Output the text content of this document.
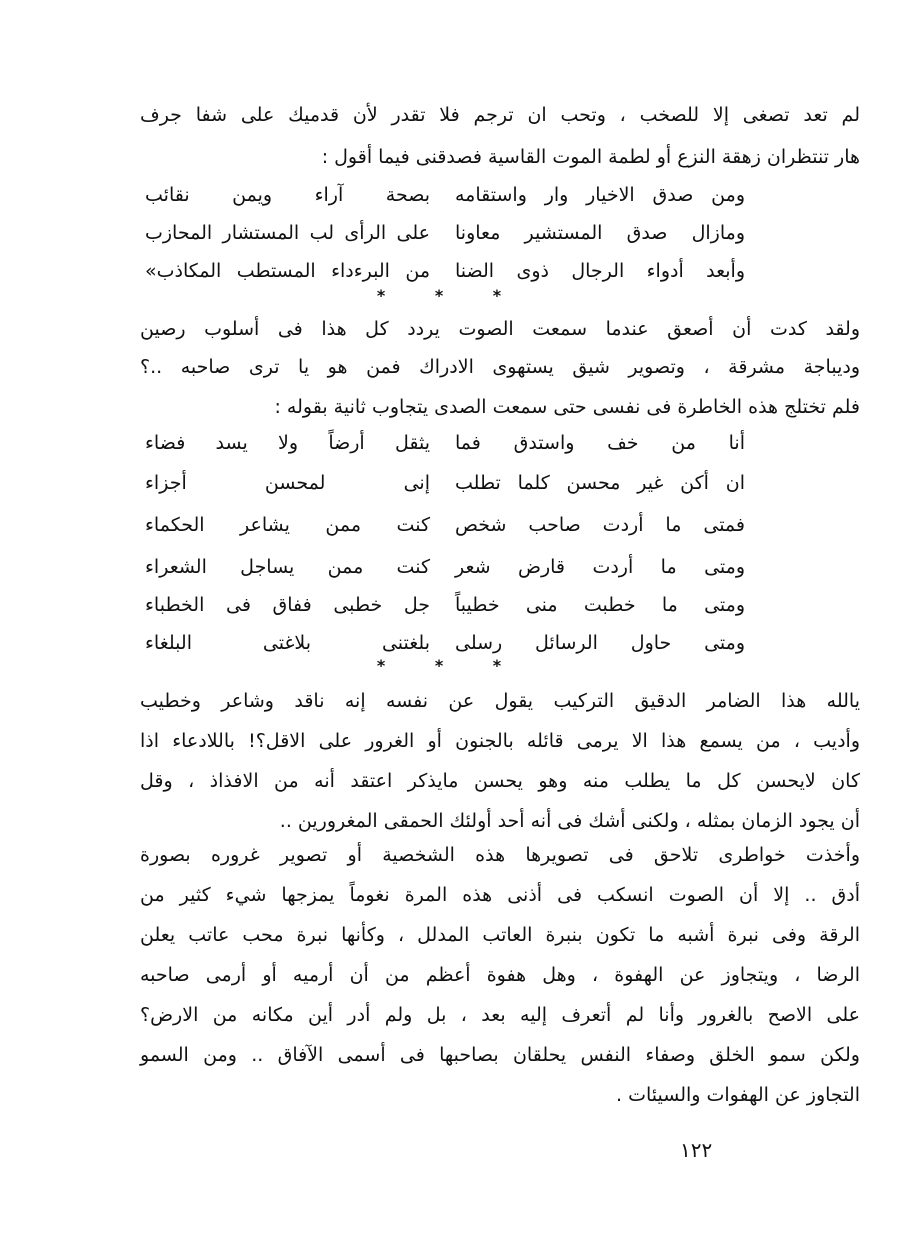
لم تعد تصغى إلا للصخب ، وتحب ان ترجم فلا تقدر لأن قدميك على شفا جرف
هار تنتظران زهقة النزع أو لطمة الموت القاسية فصدقنى فيما أقول :
ومن صدق الاخيار وار واستقامه
بصحة آراء ويمن نقائب
ومازال صدق المستشير معاونا
على الرأى لب المستشار المحازب
وأبعد أدواء الرجال ذوى الضنا
من البرءداء المستطب المكاذب»
* * *
ولقد كدت أن أصعق عندما سمعت الصوت يردد كل هذا فى أسلوب رصين
وديباجة مشرقة ، وتصوير شيق يستهوى الادراك فمن هو يا ترى صاحبه ..؟
فلم تختلج هذه الخاطرة فى نفسى حتى سمعت الصدى يتجاوب ثانية بقوله :
أنا من خف واستدق فما
يثقل أرضاً ولا يسد فضاء
ان أكن غير محسن كلما تطلب
إنى لمحسن أجزاء
فمتى ما أردت صاحب شخص
كنت ممن يشاعر الحكماء
ومتى ما أردت قارض شعر
كنت ممن يساجل الشعراء
ومتى ما خطبت منى خطيباً
جل خطبى ففاق فى الخطباء
ومتى حاول الرسائل رسلى
بلغتنى بلاغتى البلغاء
* * *
يالله هذا الضامر الدقيق التركيب يقول عن نفسه إنه ناقد وشاعر وخطيب
وأديب ، من يسمع هذا الا يرمى قائله بالجنون أو الغرور على الاقل؟! باللادعاء اذا
كان لايحسن كل ما يطلب منه وهو يحسن مايذكر اعتقد أنه من الافذاذ ، وقل
أن يجود الزمان بمثله ، ولكنى أشك فى أنه أحد أولئك الحمقى المغرورين ..
وأخذت خواطرى تلاحق فى تصويرها هذه الشخصية أو تصوير غروره بصورة
أدق .. إلا أن الصوت انسكب فى أذنى هذه المرة نغوماً يمزجها شيء كثير من
الرقة وفى نبرة أشبه ما تكون بنبرة العاتب المدلل ، وكأنها نبرة محب عاتب يعلن
الرضا ، ويتجاوز عن الهفوة ، وهل هفوة أعظم من أن أرميه أو أرمى صاحبه
على الاصح بالغرور وأنا لم أتعرف إليه بعد ، بل ولم أدر أين مكانه من الارض؟
ولكن سمو الخلق وصفاء النفس يحلقان بصاحبها فى أسمى الآفاق .. ومن السمو
التجاوز عن الهفوات والسيئات .
١٢٢
